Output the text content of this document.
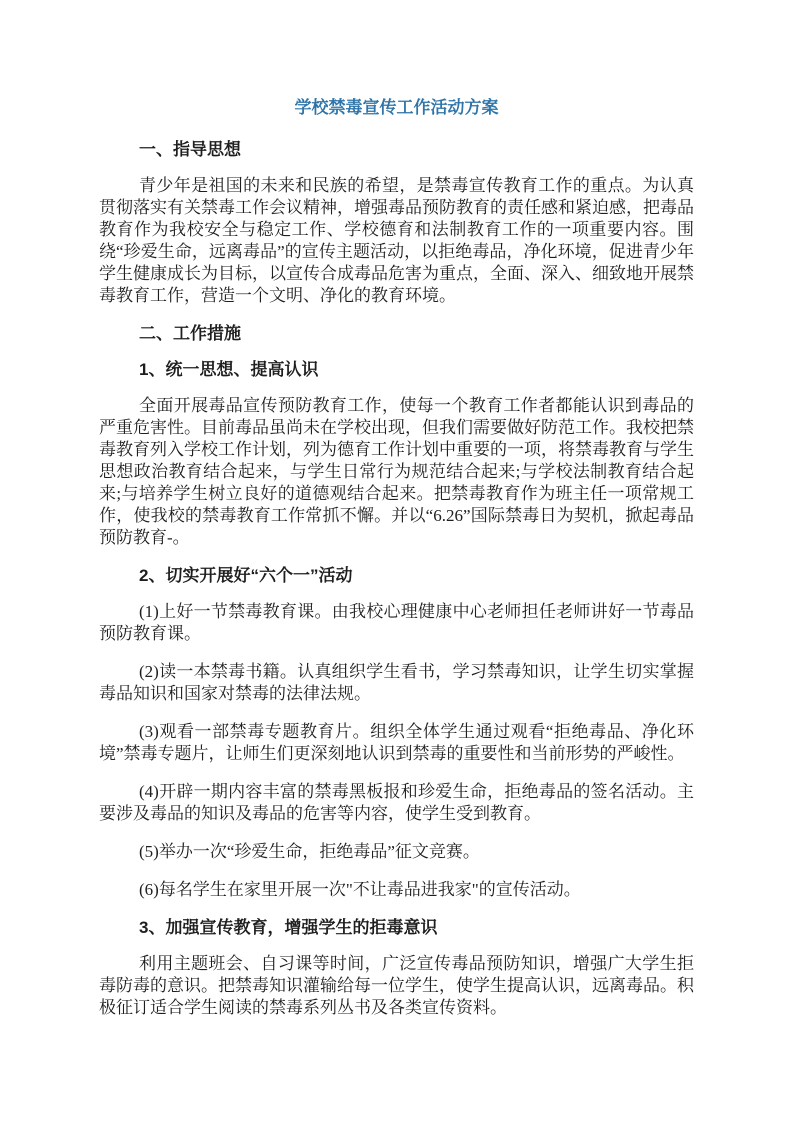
学校禁毒宣传工作活动方案
一、指导思想

青少年是祖国的未来和民族的希望，是禁毒宣传教育工作的重点。为认真贯彻落实有关禁毒工作会议精神，增强毒品预防教育的责任感和紧迫感，把毒品教育作为我校安全与稳定工作、学校德育和法制教育工作的一项重要内容。围绕“珍爱生命，远离毒品”的宣传主题活动，以拒绝毒品，净化环境，促进青少年学生健康成长为目标，以宣传合成毒品危害为重点，全面、深入、细致地开展禁毒教育工作，营造一个文明、净化的教育环境。

二、工作措施
1、统一思想、提高认识

全面开展毒品宣传预防教育工作，使每一个教育工作者都能认识到毒品的严重危害性。目前毒品虽尚未在学校出现，但我们需要做好防范工作。我校把禁毒教育列入学校工作计划，列为德育工作计划中重要的一项，将禁毒教育与学生思想政治教育结合起来，与学生日常行为规范结合起来;与学校法制教育结合起来;与培养学生树立良好的道德观结合起来。把禁毒教育作为班主任一项常规工作，使我校的禁毒教育工作常抓不懈。并以“6.26”国际禁毒日为契机，掀起毒品预防教育-。

2、切实开展好“六个一”活动

(1)上好一节禁毒教育课。由我校心理健康中心老师担任老师讲好一节毒品预防教育课。

(2)读一本禁毒书籍。认真组织学生看书，学习禁毒知识，让学生切实掌握毒品知识和国家对禁毒的法律法规。

(3)观看一部禁毒专题教育片。组织全体学生通过观看“拒绝毒品、净化环境”禁毒专题片，让师生们更深刻地认识到禁毒的重要性和当前形势的严峻性。

(4)开辟一期内容丰富的禁毒黑板报和珍爱生命，拒绝毒品的签名活动。主要涉及毒品的知识及毒品的危害等内容，使学生受到教育。

(5)举办一次“珍爱生命，拒绝毒品”征文竞赛。

(6)每名学生在家里开展一次"不让毒品进我家"的宣传活动。

3、加强宣传教育，增强学生的拒毒意识

利用主题班会、自习课等时间，广泛宣传毒品预防知识，增强广大学生拒毒防毒的意识。把禁毒知识灌输给每一位学生，使学生提高认识，远离毒品。积极征订适合学生阅读的禁毒系列丛书及各类宣传资料。
